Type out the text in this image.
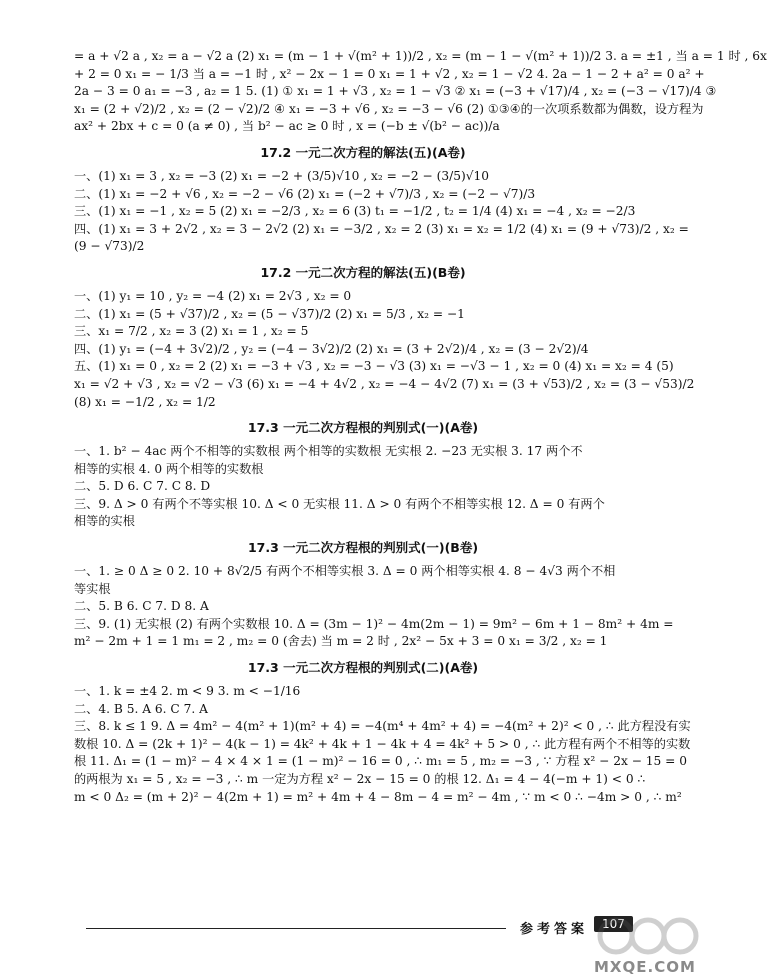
= a + √2 a , x₂ = a − √2 a (2) x₁ = (m − 1 + √(m² + 1))/2 , x₂ = (m − 1 − √(m² + 1))/2 3. a = ±1 , 当 a = 1 时 , 6x

+ 2 = 0 x₁ = − 1/3 当 a = −1 时 , x² − 2x − 1 = 0 x₁ = 1 + √2 , x₂ = 1 − √2 4. 2a − 1 − 2 + a² = 0 a² +

2a − 3 = 0 a₁ = −3 , a₂ = 1 5. (1) ① x₁ = 1 + √3 , x₂ = 1 − √3 ② x₁ = (−3 + √17)/4 , x₂ = (−3 − √17)/4 ③

x₁ = (2 + √2)/2 , x₂ = (2 − √2)/2 ④ x₁ = −3 + √6 , x₂ = −3 − √6 (2) ①③④的一次项系数都为偶数，设方程为

ax² + 2bx + c = 0 (a ≠ 0) , 当 b² − ac ≥ 0 时 , x = (−b ± √(b² − ac))/a

17.2 一元二次方程的解法(五)(A卷)

一、(1) x₁ = 3 , x₂ = −3 (2) x₁ = −2 + (3/5)√10 , x₂ = −2 − (3/5)√10

二、(1) x₁ = −2 + √6 , x₂ = −2 − √6 (2) x₁ = (−2 + √7)/3 , x₂ = (−2 − √7)/3

三、(1) x₁ = −1 , x₂ = 5 (2) x₁ = −2/3 , x₂ = 6 (3) t₁ = −1/2 , t₂ = 1/4 (4) x₁ = −4 , x₂ = −2/3

四、(1) x₁ = 3 + 2√2 , x₂ = 3 − 2√2 (2) x₁ = −3/2 , x₂ = 2 (3) x₁ = x₂ = 1/2 (4) x₁ = (9 + √73)/2 , x₂ =

(9 − √73)/2

17.2 一元二次方程的解法(五)(B卷)

一、(1) y₁ = 10 , y₂ = −4 (2) x₁ = 2√3 , x₂ = 0

二、(1) x₁ = (5 + √37)/2 , x₂ = (5 − √37)/2 (2) x₁ = 5/3 , x₂ = −1

三、x₁ = 7/2 , x₂ = 3 (2) x₁ = 1 , x₂ = 5

四、(1) y₁ = (−4 + 3√2)/2 , y₂ = (−4 − 3√2)/2 (2) x₁ = (3 + 2√2)/4 , x₂ = (3 − 2√2)/4

五、(1) x₁ = 0 , x₂ = 2 (2) x₁ = −3 + √3 , x₂ = −3 − √3 (3) x₁ = −√3 − 1 , x₂ = 0 (4) x₁ = x₂ = 4 (5)

x₁ = √2 + √3 , x₂ = √2 − √3 (6) x₁ = −4 + 4√2 , x₂ = −4 − 4√2 (7) x₁ = (3 + √53)/2 , x₂ = (3 − √53)/2

(8) x₁ = −1/2 , x₂ = 1/2

17.3 一元二次方程根的判别式(一)(A卷)

一、1. b² − 4ac 两个不相等的实数根 两个相等的实数根 无实根 2. −23 无实根 3. 17 两个不

相等的实根 4. 0 两个相等的实数根

二、5. D 6. C 7. C 8. D

三、9. Δ > 0 有两个不等实根 10. Δ < 0 无实根 11. Δ > 0 有两个不相等实根 12. Δ = 0 有两个

相等的实根

17.3 一元二次方程根的判别式(一)(B卷)

一、1. ≥ 0 Δ ≥ 0 2. 10 + 8√2/5 有两个不相等实根 3. Δ = 0 两个相等实根 4. 8 − 4√3 两个不相

等实根

二、5. B 6. C 7. D 8. A

三、9. (1) 无实根 (2) 有两个实数根 10. Δ = (3m − 1)² − 4m(2m − 1) = 9m² − 6m + 1 − 8m² + 4m =

m² − 2m + 1 = 1 m₁ = 2 , m₂ = 0 (舍去) 当 m = 2 时 , 2x² − 5x + 3 = 0 x₁ = 3/2 , x₂ = 1

17.3 一元二次方程根的判别式(二)(A卷)

一、1. k = ±4 2. m < 9 3. m < −1/16

二、4. B 5. A 6. C 7. A

三、8. k ≤ 1 9. Δ = 4m² − 4(m² + 1)(m² + 4) = −4(m⁴ + 4m² + 4) = −4(m² + 2)² < 0 , ∴ 此方程没有实

数根 10. Δ = (2k + 1)² − 4(k − 1) = 4k² + 4k + 1 − 4k + 4 = 4k² + 5 > 0 , ∴ 此方程有两个不相等的实数

根 11. Δ₁ = (1 − m)² − 4 × 4 × 1 = (1 − m)² − 16 = 0 , ∴ m₁ = 5 , m₂ = −3 , ∵ 方程 x² − 2x − 15 = 0

的两根为 x₁ = 5 , x₂ = −3 , ∴ m 一定为方程 x² − 2x − 15 = 0 的根 12. Δ₁ = 4 − 4(−m + 1) < 0 ∴

m < 0 Δ₂ = (m + 2)² − 4(2m + 1) = m² + 4m + 4 − 8m − 4 = m² − 4m , ∵ m < 0 ∴ −4m > 0 , ∴ m²

参考答案	107
MXQE.COM
